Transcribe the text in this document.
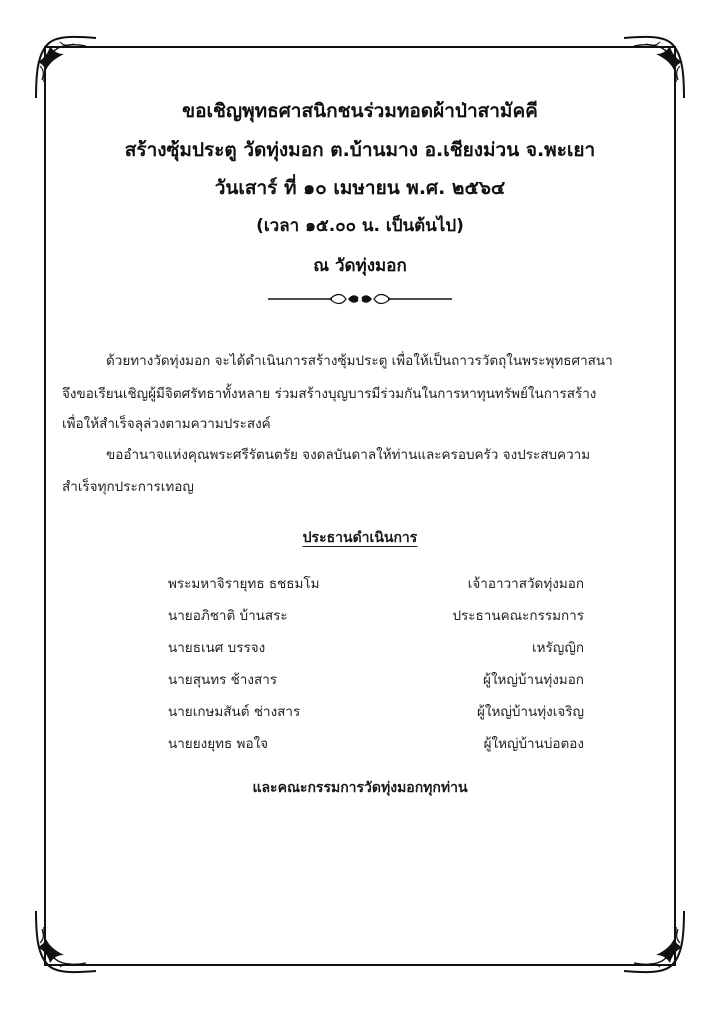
ขอเชิญพุทธศาสนิกชนร่วมทอดผ้าป่าสามัคคี
สร้างซุ้มประตู วัดทุ่งมอก ต.บ้านมาง อ.เชียงม่วน จ.พะเยา
วันเสาร์ ที่ ๑๐ เมษายน พ.ศ. ๒๕๖๔
(เวลา ๑๕.๐๐ น. เป็นต้นไป)
ณ วัดทุ่งมอก
ด้วยทางวัดทุ่งมอก จะได้ดำเนินการสร้างซุ้มประตู เพื่อให้เป็นถาวรวัตถุในพระพุทธศาสนา
จึงขอเรียนเชิญผู้มีจิตศรัทธาทั้งหลาย ร่วมสร้างบุญบารมีร่วมกันในการหาทุนทรัพย์ในการสร้าง
เพื่อให้สำเร็จลุล่วงตามความประสงค์
ขออำนาจแห่งคุณพระศรีรัตนตรัย จงดลบันดาลให้ท่านและครอบครัว จงประสบความ
สำเร็จทุกประการเทอญ
ประธานดำเนินการ
พระมหาจิรายุทธ ธชธมโม	เจ้าอาวาสวัดทุ่งมอก
นายอภิชาติ บ้านสระ	ประธานคณะกรรมการ
นายธเนศ บรรจง	เหรัญญิก
นายสุนทร ช้างสาร	ผู้ใหญ่บ้านทุ่งมอก
นายเกษมสันต์ ช่างสาร	ผู้ใหญ่บ้านทุ่งเจริญ
นายยงยุทธ พอใจ	ผู้ใหญ่บ้านบ่อตอง
และคณะกรรมการวัดทุ่งมอกทุกท่าน
